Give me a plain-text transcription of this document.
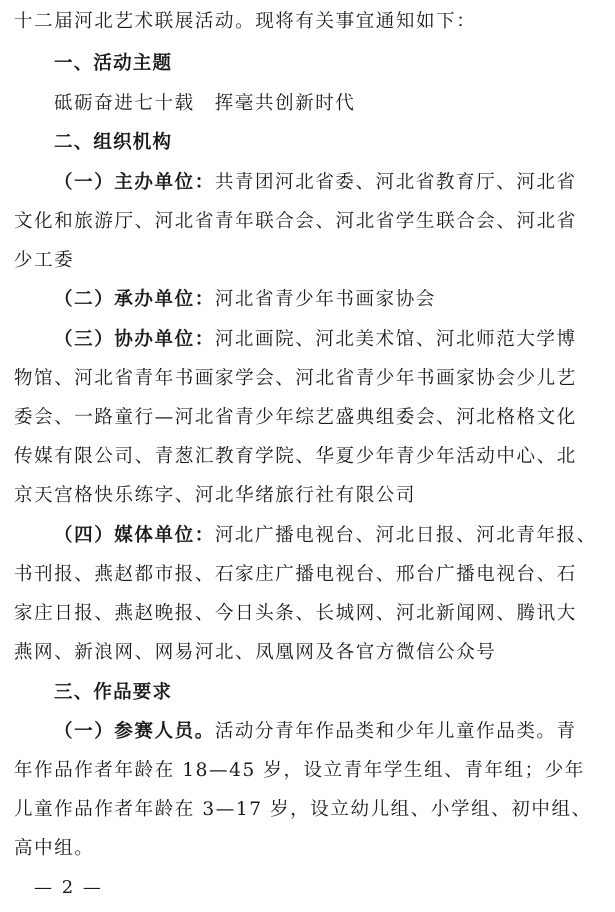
十二届河北艺术联展活动。现将有关事宜通知如下：
一、活动主题
砥砺奋进七十载　挥毫共创新时代
二、组织机构
（一）主办单位：共青团河北省委、河北省教育厅、河北省
文化和旅游厅、河北省青年联合会、河北省学生联合会、河北省
少工委
（二）承办单位：河北省青少年书画家协会
（三）协办单位：河北画院、河北美术馆、河北师范大学博
物馆、河北省青年书画家学会、河北省青少年书画家协会少儿艺
委会、一路童行—河北省青少年综艺盛典组委会、河北格格文化
传媒有限公司、青葱汇教育学院、华夏少年青少年活动中心、北
京天宫格快乐练字、河北华绪旅行社有限公司
（四）媒体单位：河北广播电视台、河北日报、河北青年报、
书刊报、燕赵都市报、石家庄广播电视台、邢台广播电视台、石
家庄日报、燕赵晚报、今日头条、长城网、河北新闻网、腾讯大
燕网、新浪网、网易河北、凤凰网及各官方微信公众号
三、作品要求
（一）参赛人员。活动分青年作品类和少年儿童作品类。青
年作品作者年龄在 18—45 岁，设立青年学生组、青年组；少年
儿童作品作者年龄在 3—17 岁，设立幼儿组、小学组、初中组、
高中组。
— 2 —
